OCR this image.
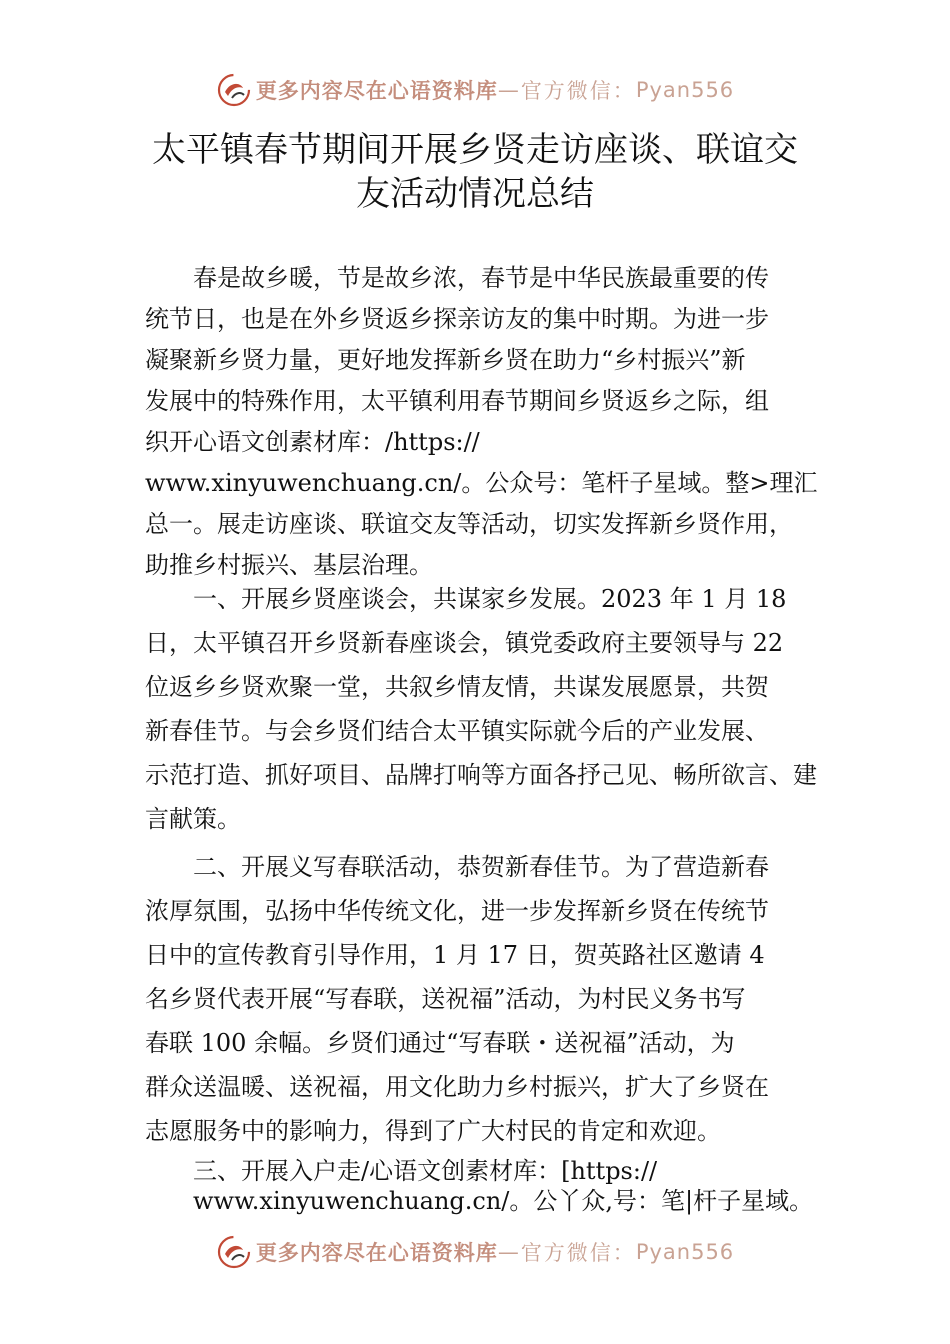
更多内容尽在心语资料库 — 官方微信： Pyan556
太平镇春节期间开展乡贤走访座谈、联谊交
友活动情况总结
春是故乡暖，节是故乡浓，春节是中华民族最重要的传
统节日，也是在外乡贤返乡探亲访友的集中时期。为进一步
凝聚新乡贤力量，更好地发挥新乡贤在助力“乡村振兴”新
发展中的特殊作用，太平镇利用春节期间乡贤返乡之际，组
织开心语文创素材库：/https://
www.xinyuwenchuang.cn/。公众号：笔杆子星域。整>理汇
总一。展走访座谈、联谊交友等活动，切实发挥新乡贤作用，
助推乡村振兴、基层治理。
一、开展乡贤座谈会，共谋家乡发展。2023 年 1 月 18
日，太平镇召开乡贤新春座谈会，镇党委政府主要领导与 22
位返乡乡贤欢聚一堂，共叙乡情友情，共谋发展愿景，共贺
新春佳节。与会乡贤们结合太平镇实际就今后的产业发展、
示范打造、抓好项目、品牌打响等方面各抒己见、畅所欲言、建
言献策。
二、开展义写春联活动，恭贺新春佳节。为了营造新春
浓厚氛围，弘扬中华传统文化，进一步发挥新乡贤在传统节
日中的宣传教育引导作用，1 月 17 日，贺英路社区邀请 4
名乡贤代表开展“写春联，送祝福”活动，为村民义务书写
春联 100 余幅。乡贤们通过“写春联・送祝福”活动，为
群众送温暖、送祝福，用文化助力乡村振兴，扩大了乡贤在
志愿服务中的影响力，得到了广大村民的肯定和欢迎。
三、开展入户走/心语文创素材库：[https://
www.xinyuwenchuang.cn/。公丫众,号：笔|杆子星域。
更多内容尽在心语资料库 — 官方微信： Pyan556
